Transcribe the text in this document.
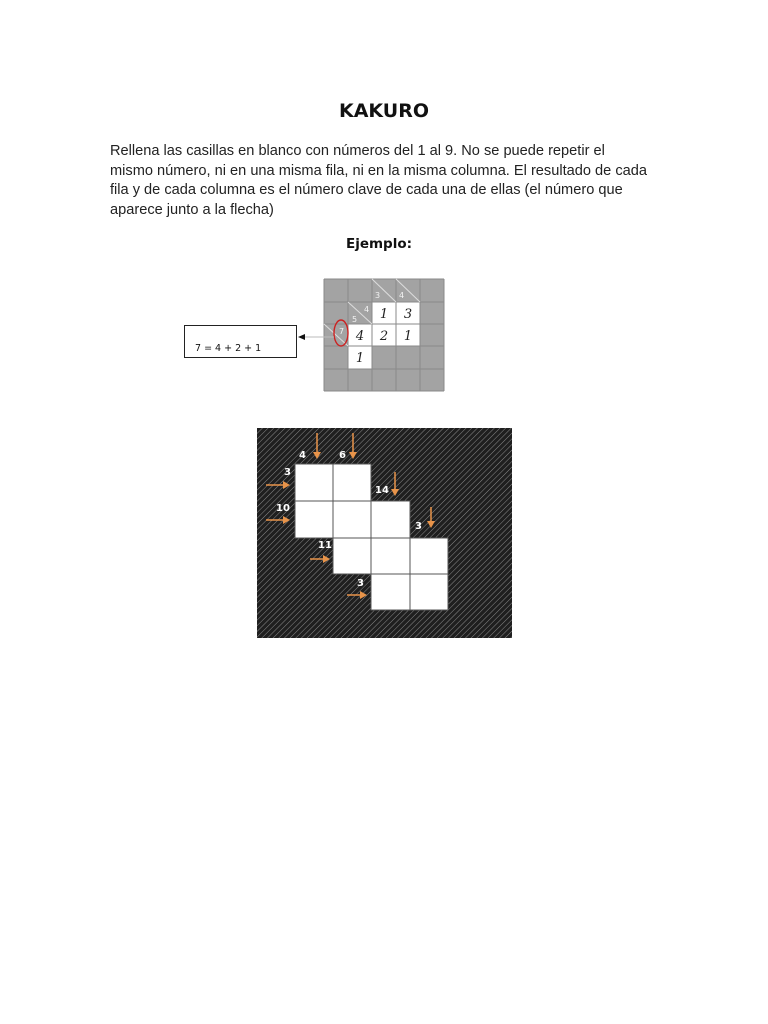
KAKURO
Rellena las casillas en blanco con números del 1 al 9. No se puede repetir el mismo número, ni en una misma fila, ni en la misma columna. El resultado de cada fila y de cada columna es el número clave de cada una de ellas (el número que aparece junto a la flecha)
Ejemplo:
7 = 4 + 2 + 1
3 4
4
5
7
1 3
4 2 1
1
4	6
3
14
10
3
11
3
